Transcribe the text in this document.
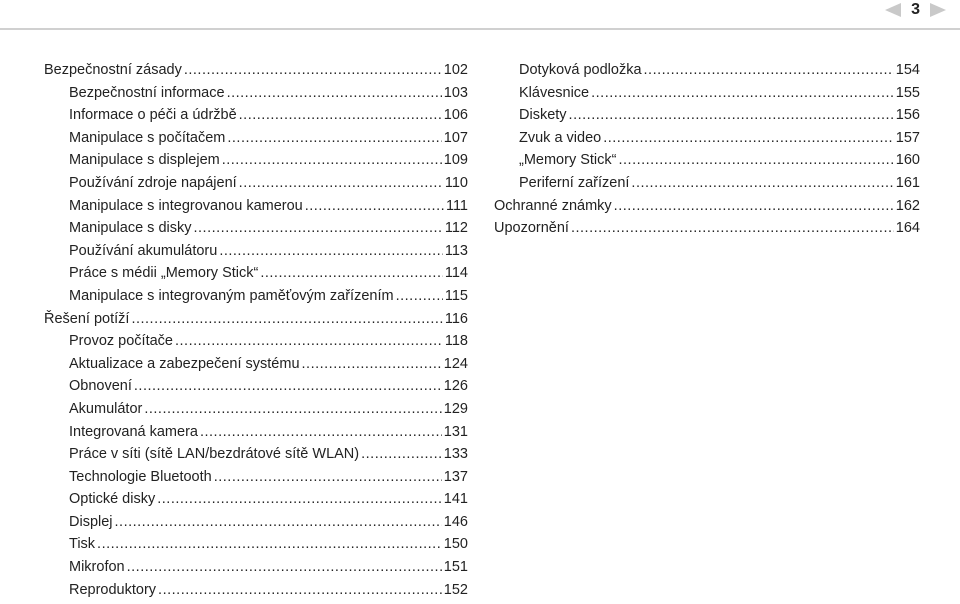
3
Bezpečnostní zásady .....	102
Bezpečnostní informace .....	103
Informace o péči a údržbě .....	106
Manipulace s počítačem .....	107
Manipulace s displejem .....	109
Používání zdroje napájení .....	110
Manipulace s integrovanou kamerou .....	111
Manipulace s disky .....	112
Používání akumulátoru .....	113
Práce s médii „Memory Stick“ .....	114
Manipulace s integrovaným paměťovým zařízením .....	115
Řešení potíží .....	116
Provoz počítače .....	118
Aktualizace a zabezpečení systému .....	124
Obnovení .....	126
Akumulátor .....	129
Integrovaná kamera .....	131
Práce v síti (sítě LAN/bezdrátové sítě WLAN) .....	133
Technologie Bluetooth .....	137
Optické disky .....	141
Displej .....	146
Tisk .....	150
Mikrofon .....	151
Reproduktory .....	152
Dotyková podložka .....	154
Klávesnice .....	155
Diskety .....	156
Zvuk a video .....	157
„Memory Stick“ .....	160
Periferní zařízení .....	161
Ochranné známky .....	162
Upozornění .....	164
